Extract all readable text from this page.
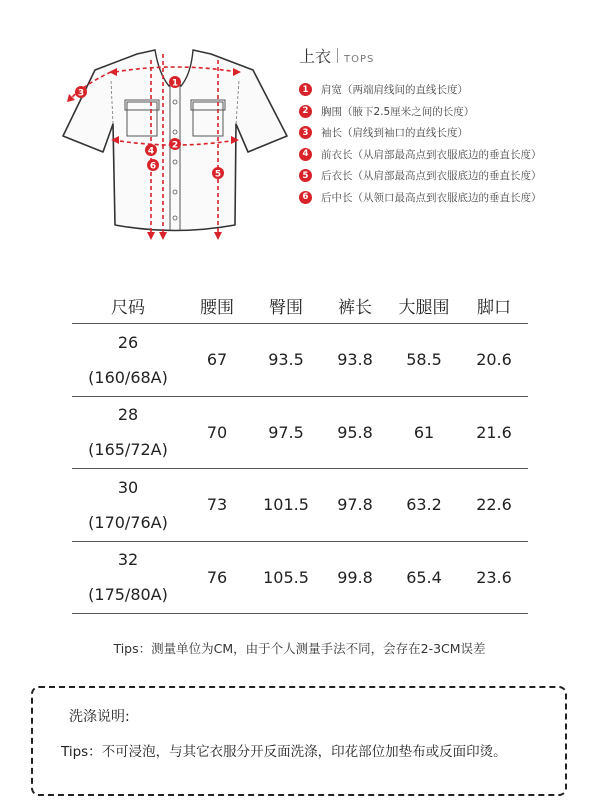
1
2
3
4
5
6
上衣 TOPS
1	肩宽（两端肩线间的直线长度）
2	胸围（腋下2.5厘米之间的长度）
3	袖长（肩线到袖口的直线长度）
4	前衣长（从肩部最高点到衣服底边的垂直长度）
5	后衣长（从肩部最高点到衣服底边的垂直长度）
6	后中长（从领口最高点到衣服底边的垂直长度）
尺码	腰围	臀围	裤长	大腿围	脚口
26
(160/68A)
67	93.5	93.8	58.5	20.6
28
(165/72A)
70	97.5	95.8	61	21.6
30
(170/76A)
73	101.5	97.8	63.2	22.6
32
(175/80A)
76	105.5	99.8	65.4	23.6
Tips：测量单位为CM，由于个人测量手法不同，会存在2-3CM误差
洗涤说明:
Tips：不可浸泡，与其它衣服分开反面洗涤，印花部位加垫布或反面印烫。
